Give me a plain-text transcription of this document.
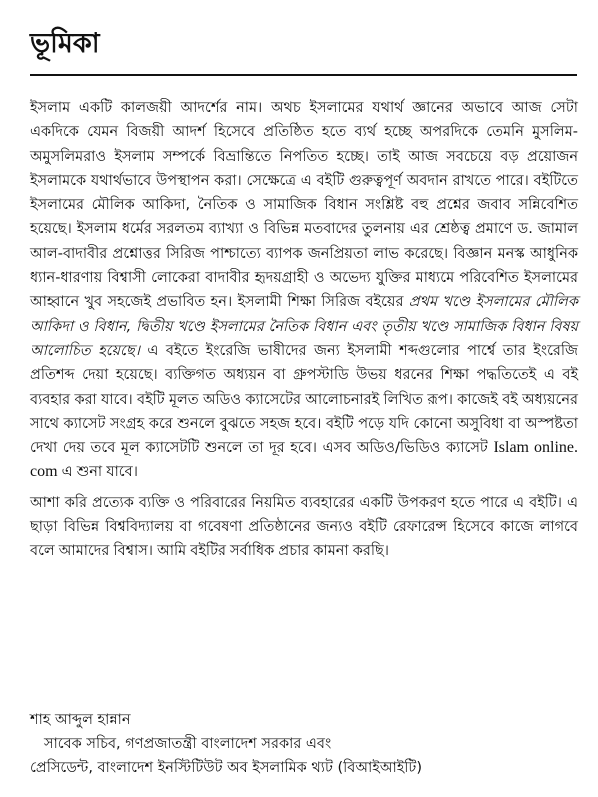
ভূমিকা

ইসলাম একটি কালজয়ী আদর্শের নাম। অথচ ইসলামের যথার্থ জ্ঞানের অভাবে আজ সেটা একদিকে যেমন বিজয়ী আদর্শ হিসেবে প্রতিষ্ঠিত হতে ব্যর্থ হচ্ছে অপরদিকে তেমনি মুসলিম-অমুসলিমরাও ইসলাম সম্পর্কে বিভ্রান্তিতে নিপতিত হচ্ছে। তাই আজ সবচেয়ে বড় প্রয়োজন ইসলামকে যথার্থভাবে উপস্থাপন করা। সেক্ষেত্রে এ বইটি গুরুত্বপূর্ণ অবদান রাখতে পারে। বইটিতে ইসলামের মৌলিক আকিদা, নৈতিক ও সামাজিক বিধান সংশ্লিষ্ট বহু প্রশ্নের জবাব সন্নিবেশিত হয়েছে। ইসলাম ধর্মের সরলতম ব্যাখ্যা ও বিভিন্ন মতবাদের তুলনায় এর শ্রেষ্ঠত্ব প্রমাণে ড. জামাল আল-বাদাবীর প্রশ্নোত্তর সিরিজ পাশ্চাত্যে ব্যাপক জনপ্রিয়তা লাভ করেছে। বিজ্ঞান মনস্ক আধুনিক ধ্যান-ধারণায় বিশ্বাসী লোকেরা বাদাবীর হৃদয়গ্রাহী ও অভেদ্য যুক্তির মাধ্যমে পরিবেশিত ইসলামের আহ্বানে খুব সহজেই প্রভাবিত হন। ইসলামী শিক্ষা সিরিজ বইয়ের প্রথম খণ্ডে ইসলামের মৌলিক আকিদা ও বিধান, দ্বিতীয় খণ্ডে ইসলামের নৈতিক বিধান এবং তৃতীয় খণ্ডে সামাজিক বিধান বিষয় আলোচিত হয়েছে। এ বইতে ইংরেজি ভাষীদের জন্য ইসলামী শব্দগুলোর পার্শ্বে তার ইংরেজি প্রতিশব্দ দেয়া হয়েছে। ব্যক্তিগত অধ্যয়ন বা গ্রুপস্টাডি উভয় ধরনের শিক্ষা পদ্ধতিতেই এ বই ব্যবহার করা যাবে। বইটি মূলত অডিও ক্যাসেটের আলোচনারই লিখিত রূপ। কাজেই বই অধ্যয়নের সাথে ক্যাসেট সংগ্রহ করে শুনলে বুঝতে সহজ হবে। বইটি পড়ে যদি কোনো অসুবিধা বা অস্পষ্টতা দেখা দেয় তবে মূল ক্যাসেটটি শুনলে তা দূর হবে। এসব অডিও/ভিডিও ক্যাসেট Islam online. com এ শুনা যাবে।

আশা করি প্রত্যেক ব্যক্তি ও পরিবারের নিয়মিত ব্যবহারের একটি উপকরণ হতে পারে এ বইটি। এ ছাড়া বিভিন্ন বিশ্ববিদ্যালয় বা গবেষণা প্রতিষ্ঠানের জন্যও বইটি রেফারেন্স হিসেবে কাজে লাগবে বলে আমাদের বিশ্বাস। আমি বইটির সর্বাধিক প্রচার কামনা করছি।

শাহ আব্দুল হান্নান
সাবেক সচিব, গণপ্রজাতন্ত্রী বাংলাদেশ সরকার এবং
প্রেসিডেন্ট, বাংলাদেশ ইনস্টিটিউট অব ইসলামিক থ্যট (বিআইআইটি)
